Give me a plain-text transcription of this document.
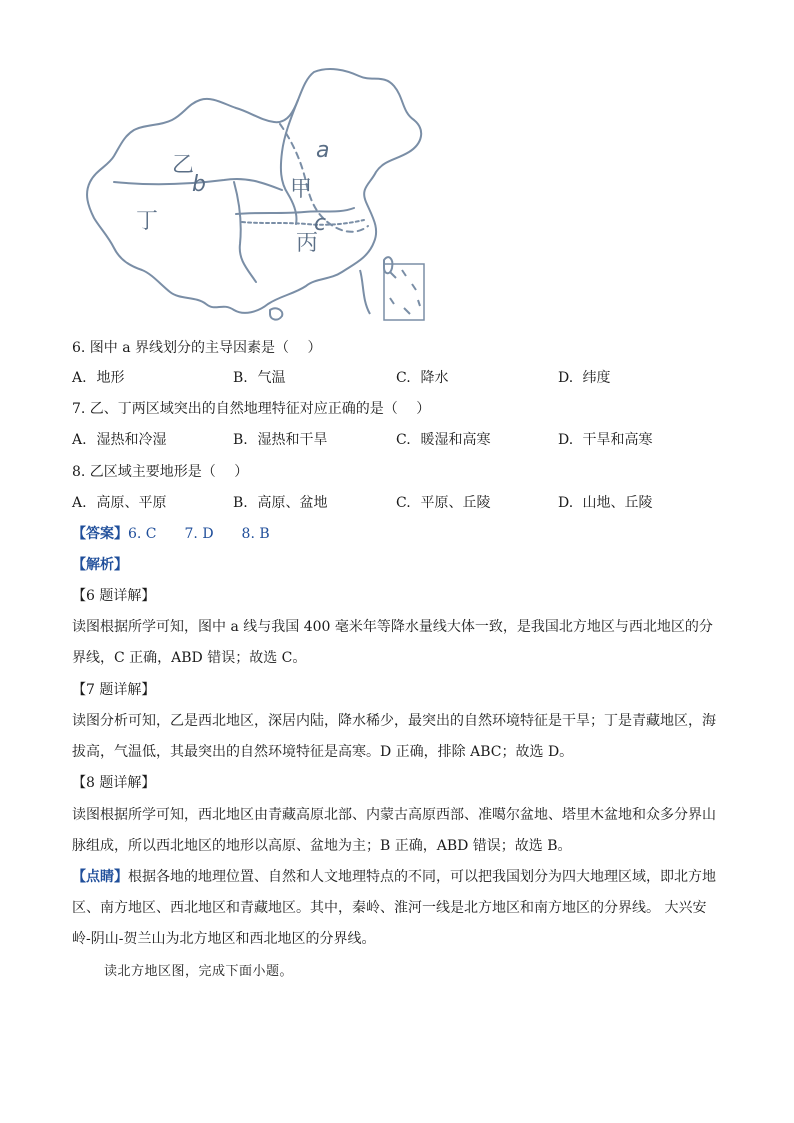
a
b
c
甲
乙
丙
丁
6. 图中 a 界线划分的主导因素是（　 ）
A. 地形	B. 气温	C. 降水	D. 纬度
7. 乙、丁两区域突出的自然地理特征对应正确的是（　 ）
A. 湿热和冷湿	B. 湿热和干旱	C. 暖湿和高寒	D. 干旱和高寒
8. 乙区域主要地形是（　 ）
A. 高原、平原	B. 高原、盆地	C. 平原、丘陵	D. 山地、丘陵
【答案】6. C　　7. D　　8. B
【解析】
【6 题详解】
读图根据所学可知，图中 a 线与我国 400 毫米年等降水量线大体一致，是我国北方地区与西北地区的分界线，C 正确，ABD 错误；故选 C。
【7 题详解】
读图分析可知，乙是西北地区，深居内陆，降水稀少，最突出的自然环境特征是干旱；丁是青藏地区，海拔高，气温低，其最突出的自然环境特征是高寒。D 正确，排除 ABC；故选 D。
【8 题详解】
读图根据所学可知，西北地区由青藏高原北部、内蒙古高原西部、准噶尔盆地、塔里木盆地和众多分界山脉组成，所以西北地区的地形以高原、盆地为主；B 正确，ABD 错误；故选 B。
【点睛】根据各地的地理位置、自然和人文地理特点的不同，可以把我国划分为四大地理区域，即北方地区、南方地区、西北地区和青藏地区。其中，秦岭、淮河一线是北方地区和南方地区的分界线。 大兴安岭-阴山-贺兰山为北方地区和西北地区的分界线。
读北方地区图，完成下面小题。
